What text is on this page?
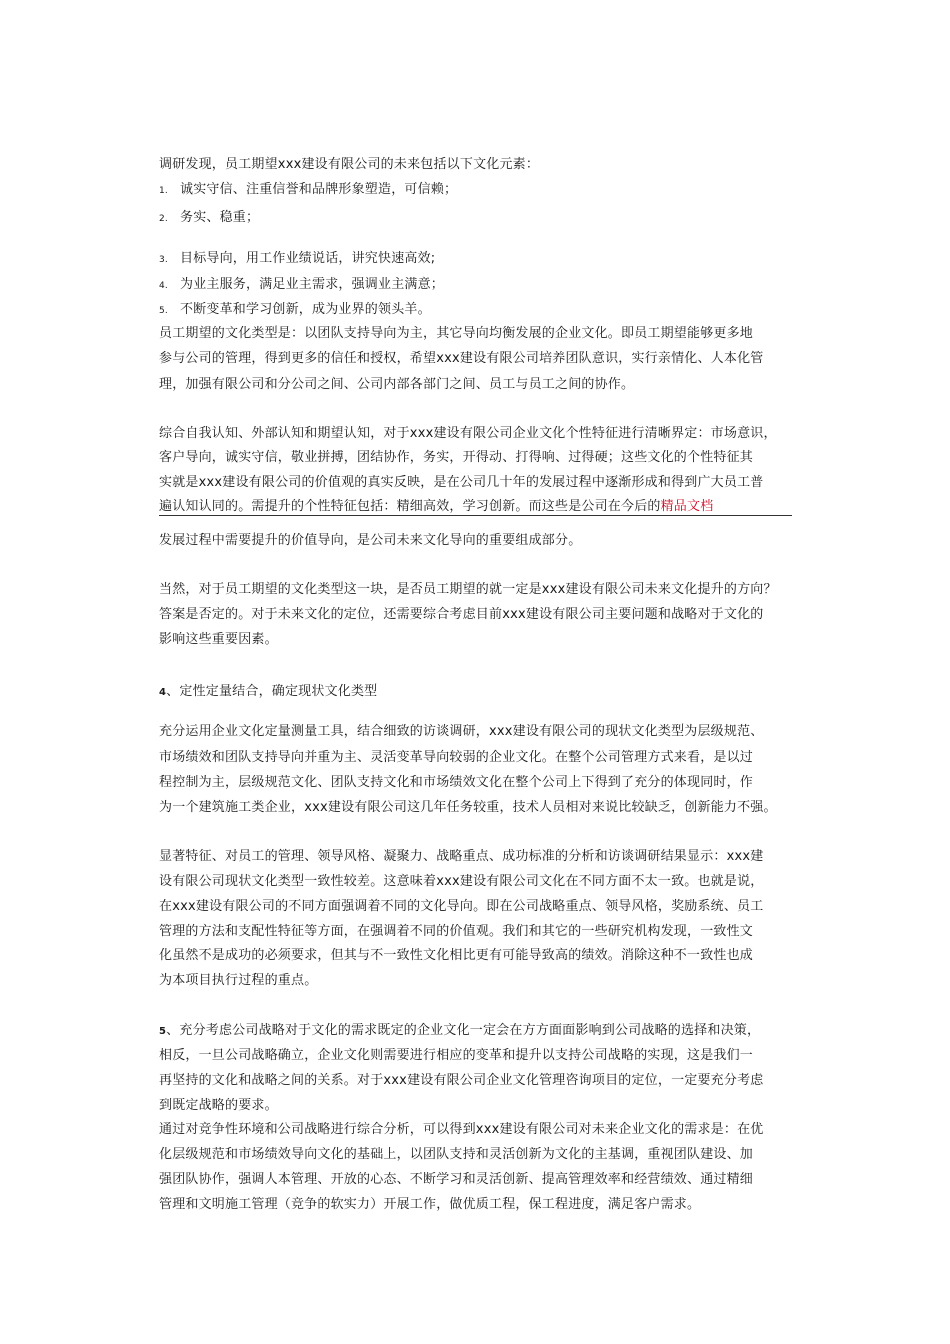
调研发现，员工期望xxx建设有限公司的未来包括以下文化元素：
1. 诚实守信、注重信誉和品牌形象塑造，可信赖；
2. 务实、稳重；
3. 目标导向，用工作业绩说话，讲究快速高效;
4. 为业主服务，满足业主需求，强调业主满意；
5. 不断变革和学习创新，成为业界的领头羊。
员工期望的文化类型是：以团队支持导向为主，其它导向均衡发展的企业文化。即员工期望能够更多地
参与公司的管理，得到更多的信任和授权，希望xxx建设有限公司培养团队意识，实行亲情化、人本化管
理，加强有限公司和分公司之间、公司内部各部门之间、员工与员工之间的协作。
综合自我认知、外部认知和期望认知，对于xxx建设有限公司企业文化个性特征进行清晰界定：市场意识，
客户导向，诚实守信，敬业拼搏，团结协作，务实，开得动、打得响、过得硬；这些文化的个性特征其
实就是xxx建设有限公司的价值观的真实反映，是在公司几十年的发展过程中逐渐形成和得到广大员工普
遍认知认同的。需提升的个性特征包括：精细高效，学习创新。而这些是公司在今后的精品文档
发展过程中需要提升的价值导向，是公司未来文化导向的重要组成部分。
当然，对于员工期望的文化类型这一块，是否员工期望的就一定是xxx建设有限公司未来文化提升的方向？
答案是否定的。对于未来文化的定位，还需要综合考虑目前xxx建设有限公司主要问题和战略对于文化的
影响这些重要因素。
4、定性定量结合，确定现状文化类型
充分运用企业文化定量测量工具，结合细致的访谈调研，xxx建设有限公司的现状文化类型为层级规范、
市场绩效和团队支持导向并重为主、灵活变革导向较弱的企业文化。在整个公司管理方式来看，是以过
程控制为主，层级规范文化、团队支持文化和市场绩效文化在整个公司上下得到了充分的体现同时，作
为一个建筑施工类企业，xxx建设有限公司这几年任务较重，技术人员相对来说比较缺乏，创新能力不强。
显著特征、对员工的管理、领导风格、凝聚力、战略重点、成功标准的分析和访谈调研结果显示：xxx建
设有限公司现状文化类型一致性较差。这意味着xxx建设有限公司文化在不同方面不太一致。也就是说，
在xxx建设有限公司的不同方面强调着不同的文化导向。即在公司战略重点、领导风格，奖励系统、员工
管理的方法和支配性特征等方面，在强调着不同的价值观。我们和其它的一些研究机构发现，一致性文
化虽然不是成功的必须要求，但其与不一致性文化相比更有可能导致高的绩效。消除这种不一致性也成
为本项目执行过程的重点。
5、充分考虑公司战略对于文化的需求既定的企业文化一定会在方方面面影响到公司战略的选择和决策，
相反，一旦公司战略确立，企业文化则需要进行相应的变革和提升以支持公司战略的实现，这是我们一
再坚持的文化和战略之间的关系。对于xxx建设有限公司企业文化管理咨询项目的定位，一定要充分考虑
到既定战略的要求。
通过对竞争性环境和公司战略进行综合分析，可以得到xxx建设有限公司对未来企业文化的需求是：在优
化层级规范和市场绩效导向文化的基础上，以团队支持和灵活创新为文化的主基调，重视团队建设、加
强团队协作，强调人本管理、开放的心态、不断学习和灵活创新、提高管理效率和经营绩效、通过精细
管理和文明施工管理（竞争的软实力）开展工作，做优质工程，保工程进度，满足客户需求。
